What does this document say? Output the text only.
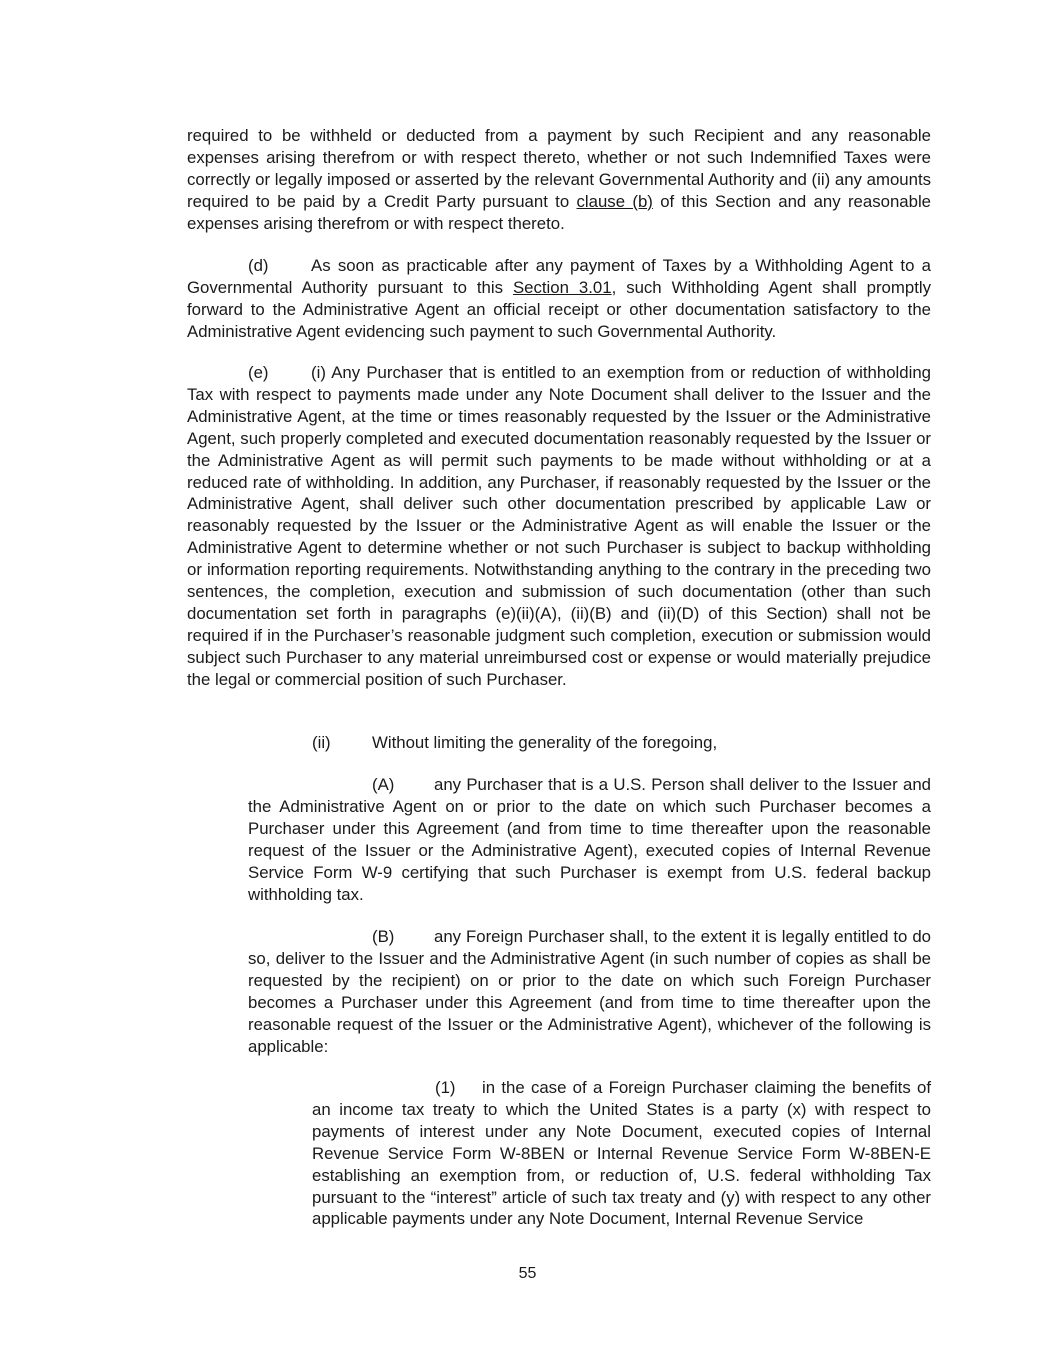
required to be withheld or deducted from a payment by such Recipient and any reasonable expenses arising therefrom or with respect thereto, whether or not such Indemnified Taxes were correctly or legally imposed or asserted by the relevant Governmental Authority and (ii) any amounts required to be paid by a Credit Party pursuant to clause (b) of this Section and any reasonable expenses arising therefrom or with respect thereto.

(d)	As soon as practicable after any payment of Taxes by a Withholding Agent to a Governmental Authority pursuant to this Section 3.01, such Withholding Agent shall promptly forward to the Administrative Agent an official receipt or other documentation satisfactory to the Administrative Agent evidencing such payment to such Governmental Authority.

(e)	(i) Any Purchaser that is entitled to an exemption from or reduction of withholding Tax with respect to payments made under any Note Document shall deliver to the Issuer and the Administrative Agent, at the time or times reasonably requested by the Issuer or the Administrative Agent, such properly completed and executed documentation reasonably requested by the Issuer or the Administrative Agent as will permit such payments to be made without withholding or at a reduced rate of withholding. In addition, any Purchaser, if reasonably requested by the Issuer or the Administrative Agent, shall deliver such other documentation prescribed by applicable Law or reasonably requested by the Issuer or the Administrative Agent as will enable the Issuer or the Administrative Agent to determine whether or not such Purchaser is subject to backup withholding or information reporting requirements. Notwithstanding anything to the contrary in the preceding two sentences, the completion, execution and submission of such documentation (other than such documentation set forth in paragraphs (e)(ii)(A), (ii)(B) and (ii)(D) of this Section) shall not be required if in the Purchaser’s reasonable judgment such completion, execution or submission would subject such Purchaser to any material unreimbursed cost or expense or would materially prejudice the legal or commercial position of such Purchaser.

(ii) Without limiting the generality of the foregoing,

(A) any Purchaser that is a U.S. Person shall deliver to the Issuer and the Administrative Agent on or prior to the date on which such Purchaser becomes a Purchaser under this Agreement (and from time to time thereafter upon the reasonable request of the Issuer or the Administrative Agent), executed copies of Internal Revenue Service Form W-9 certifying that such Purchaser is exempt from U.S. federal backup withholding tax.

(B) any Foreign Purchaser shall, to the extent it is legally entitled to do so, deliver to the Issuer and the Administrative Agent (in such number of copies as shall be requested by the recipient) on or prior to the date on which such Foreign Purchaser becomes a Purchaser under this Agreement (and from time to time thereafter upon the reasonable request of the Issuer or the Administrative Agent), whichever of the following is applicable:

(1) in the case of a Foreign Purchaser claiming the benefits of an income tax treaty to which the United States is a party (x) with respect to payments of interest under any Note Document, executed copies of Internal Revenue Service Form W-8BEN or Internal Revenue Service Form W-8BEN-E establishing an exemption from, or reduction of, U.S. federal withholding Tax pursuant to the “interest” article of such tax treaty and (y) with respect to any other applicable payments under any Note Document, Internal Revenue Service

55
